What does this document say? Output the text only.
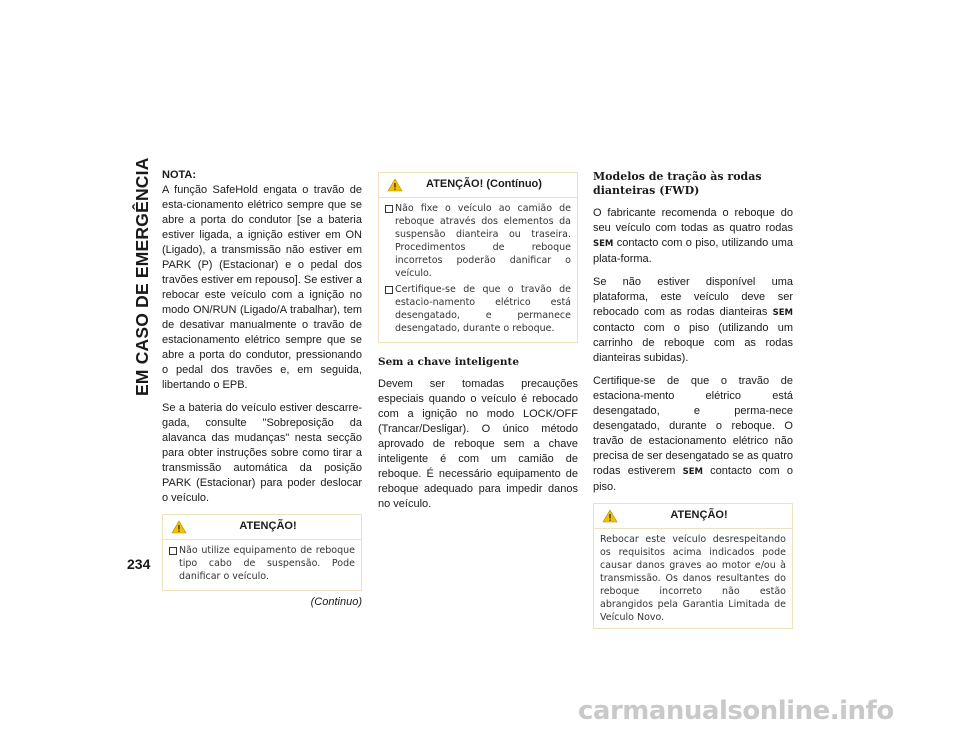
EM CASO DE EMERGÊNCIA
234

NOTA:

A função SafeHold engata o travão de esta-cionamento elétrico sempre que se abre a porta do condutor [se a bateria estiver ligada, a ignição estiver em ON (Ligado), a transmissão não estiver em PARK (P) (Estacionar) e o pedal dos travões estiver em repouso]. Se estiver a rebocar este veículo com a ignição no modo ON/RUN (Ligado/A trabalhar), tem de desativar manualmente o travão de estacionamento elétrico sempre que se abre a porta do condutor, pressionando o pedal dos travões e, em seguida, libertando o EPB.

Se a bateria do veículo estiver descarre-gada, consulte "Sobreposição da alavanca das mudanças" nesta secção para obter instruções sobre como tirar a transmissão automática da posição PARK (Estacionar) para poder deslocar o veículo.

ATENÇÃO!
Não utilize equipamento de reboque tipo cabo de suspensão. Pode danificar o veículo.

(Continuo)

ATENÇÃO! (Contínuo)
Não fixe o veículo ao camião de reboque através dos elementos da suspensão dianteira ou traseira. Procedimentos de reboque incorretos poderão danificar o veículo.
Certifique-se de que o travão de estacio-namento elétrico está desengatado, e permanece desengatado, durante o reboque.
Sem a chave inteligente

Devem ser tomadas precauções especiais quando o veículo é rebocado com a ignição no modo LOCK/OFF (Trancar/Desligar). O único método aprovado de reboque sem a chave inteligente é com um camião de reboque. É necessário equipamento de reboque adequado para impedir danos no veículo.

Modelos de tração às rodas dianteiras (FWD)

O fabricante recomenda o reboque do seu veículo com todas as quatro rodas SEM contacto com o piso, utilizando uma plata-forma.

Se não estiver disponível uma plataforma, este veículo deve ser rebocado com as rodas dianteiras SEM contacto com o piso (utilizando um carrinho de reboque com as rodas dianteiras subidas).

Certifique-se de que o travão de estaciona-mento elétrico está desengatado, e perma-nece desengatado, durante o reboque. O travão de estacionamento elétrico não precisa de ser desengatado se as quatro rodas estiverem SEM contacto com o piso.

ATENÇÃO!

Rebocar este veículo desrespeitando os requisitos acima indicados pode causar danos graves ao motor e/ou à transmissão. Os danos resultantes do reboque incorreto não estão abrangidos pela Garantia Limitada de Veículo Novo.

carmanualsonline.info
